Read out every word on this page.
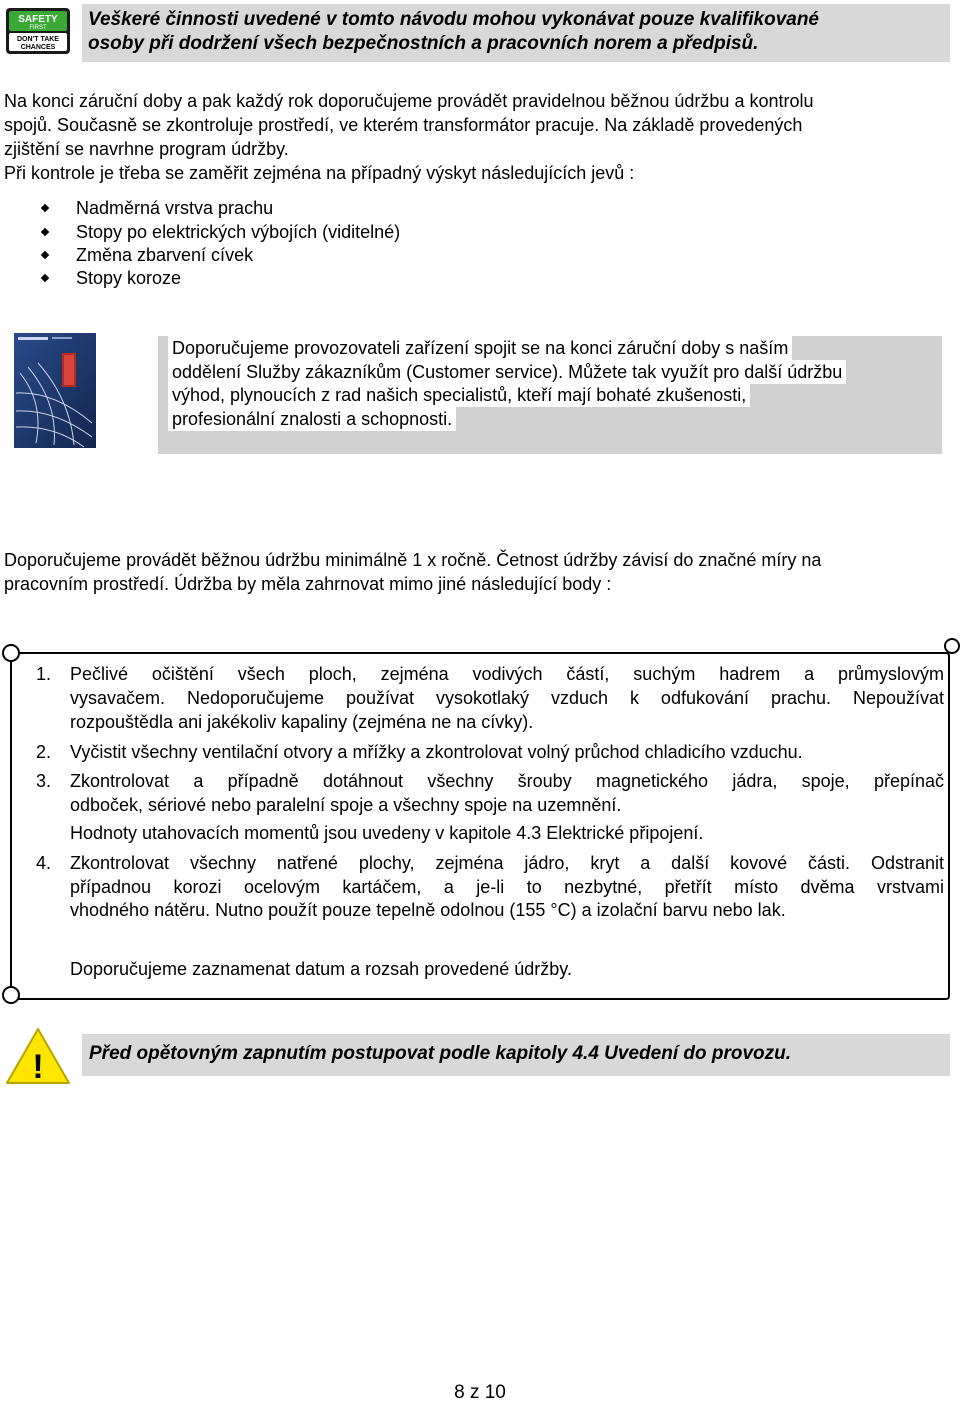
SAFETY
FIRST
DON'T TAKE
CHANCES
Veškeré činnosti uvedené v tomto návodu mohou vykonávat pouze kvalifikované
osoby při dodržení všech bezpečnostních a pracovních norem a předpisů.
Na konci záruční doby a pak každý rok doporučujeme provádět pravidelnou běžnou údržbu a kontrolu
spojů. Současně se zkontroluje prostředí, ve kterém transformátor pracuje. Na základě provedených
zjištění se navrhne program údržby.
Při kontrole je třeba se zaměřit zejména na případný výskyt následujících jevů :
Nadměrná vrstva prachu
Stopy po elektrických výbojích (viditelné)
Změna zbarvení cívek
Stopy koroze
Doporučujeme provozovateli zařízení spojit se na konci záruční doby s naším
oddělení Služby zákazníkům (Customer service). Můžete tak využít pro další údržbu
výhod, plynoucích z rad našich specialistů, kteří mají bohaté zkušenosti,
profesionální znalosti a schopnosti.
Doporučujeme provádět běžnou údržbu minimálně 1 x ročně. Četnost údržby závisí do značné míry na
pracovním prostředí. Údržba by měla zahrnovat mimo jiné následující body :
1. Pečlivé očištění všech ploch, zejména vodivých částí, suchým hadrem a průmyslovým
vysavačem. Nedoporučujeme používat vysokotlaký vzduch k odfukování prachu. Nepoužívat
rozpouštědla ani jakékoliv kapaliny (zejména ne na cívky).
2. Vyčistit všechny ventilační otvory a mřížky a zkontrolovat volný průchod chladicího vzduchu.
3. Zkontrolovat a případně dotáhnout všechny šrouby magnetického jádra, spoje, přepínač
odboček, sériové nebo paralelní spoje a všechny spoje na uzemnění.
Hodnoty utahovacích momentů jsou uvedeny v kapitole 4.3 Elektrické připojení.
4. Zkontrolovat všechny natřené plochy, zejména jádro, kryt a další kovové části. Odstranit
případnou korozi ocelovým kartáčem, a je-li to nezbytné, přetřít místo dvěma vrstvami
vhodného nátěru. Nutno použít pouze tepelně odolnou (155 °C) a izolační barvu nebo lak.
Doporučujeme zaznamenat datum a rozsah provedené údržby.
! Před opětovným zapnutím postupovat podle kapitoly 4.4 Uvedení do provozu.
8 z 10
